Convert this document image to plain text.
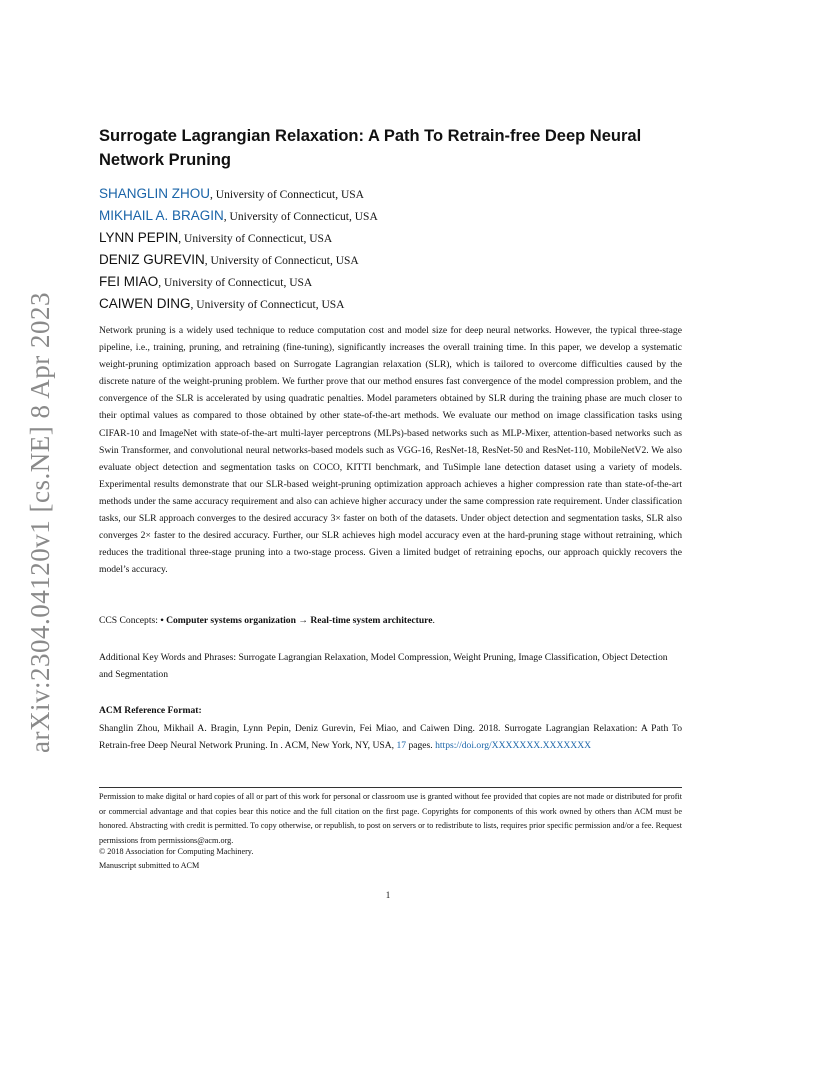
arXiv:2304.04120v1 [cs.NE] 8 Apr 2023
Surrogate Lagrangian Relaxation: A Path To Retrain-free Deep Neural Network Pruning
SHANGLIN ZHOU, University of Connecticut, USA
MIKHAIL A. BRAGIN, University of Connecticut, USA
LYNN PEPIN, University of Connecticut, USA
DENIZ GUREVIN, University of Connecticut, USA
FEI MIAO, University of Connecticut, USA
CAIWEN DING, University of Connecticut, USA

Network pruning is a widely used technique to reduce computation cost and model size for deep neural networks. However, the typical three-stage pipeline, i.e., training, pruning, and retraining (fine-tuning), significantly increases the overall training time. In this paper, we develop a systematic weight-pruning optimization approach based on Surrogate Lagrangian relaxation (SLR), which is tailored to overcome difficulties caused by the discrete nature of the weight-pruning problem. We further prove that our method ensures fast convergence of the model compression problem, and the convergence of the SLR is accelerated by using quadratic penalties. Model parameters obtained by SLR during the training phase are much closer to their optimal values as compared to those obtained by other state-of-the-art methods. We evaluate our method on image classification tasks using CIFAR-10 and ImageNet with state-of-the-art multi-layer perceptrons (MLPs)-based networks such as MLP-Mixer, attention-based networks such as Swin Transformer, and convolutional neural networks-based models such as VGG-16, ResNet-18, ResNet-50 and ResNet-110, MobileNetV2. We also evaluate object detection and segmentation tasks on COCO, KITTI benchmark, and TuSimple lane detection dataset using a variety of models. Experimental results demonstrate that our SLR-based weight-pruning optimization approach achieves a higher compression rate than state-of-the-art methods under the same accuracy requirement and also can achieve higher accuracy under the same compression rate requirement. Under classification tasks, our SLR approach converges to the desired accuracy 3× faster on both of the datasets. Under object detection and segmentation tasks, SLR also converges 2× faster to the desired accuracy. Further, our SLR achieves high model accuracy even at the hard-pruning stage without retraining, which reduces the traditional three-stage pruning into a two-stage process. Given a limited budget of retraining epochs, our approach quickly recovers the model’s accuracy.

CCS Concepts: • Computer systems organization → Real-time system architecture.

Additional Key Words and Phrases: Surrogate Lagrangian Relaxation, Model Compression, Weight Pruning, Image Classification, Object Detection and Segmentation

ACM Reference Format:

Shanglin Zhou, Mikhail A. Bragin, Lynn Pepin, Deniz Gurevin, Fei Miao, and Caiwen Ding. 2018. Surrogate Lagrangian Relaxation: A Path To Retrain-free Deep Neural Network Pruning. In . ACM, New York, NY, USA, 17 pages. https://doi.org/XXXXXXX.XXXXXXX

Permission to make digital or hard copies of all or part of this work for personal or classroom use is granted without fee provided that copies are not made or distributed for profit or commercial advantage and that copies bear this notice and the full citation on the first page. Copyrights for components of this work owned by others than ACM must be honored. Abstracting with credit is permitted. To copy otherwise, or republish, to post on servers or to redistribute to lists, requires prior specific permission and/or a fee. Request permissions from permissions@acm.org.

© 2018 Association for Computing Machinery.

Manuscript submitted to ACM

1
